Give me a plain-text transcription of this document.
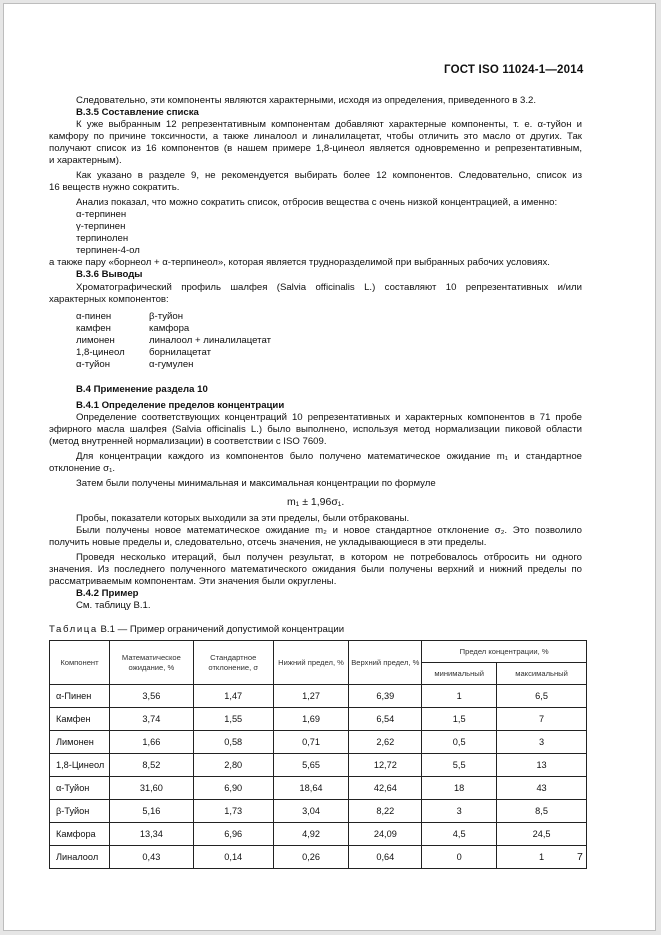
ГОСТ ISO 11024-1—2014
Следовательно, эти компоненты являются характерными, исходя из определения, приведенного в 3.2.
В.3.5 Составление списка
К уже выбранным 12 репрезентативным компонентам добавляют характерные компоненты, т. е. α-туйон и
камфору по причине токсичности, а также линалоол и линалилацетат, чтобы отличить это масло от других. Так
получают список из 16 компонентов (в нашем примере 1,8-цинеол является одновременно и репрезентативным,
и характерным).
Как указано в разделе 9, не рекомендуется выбирать более 12 компонентов. Следовательно, список из
16 веществ нужно сократить.
Анализ показал, что можно сократить список, отбросив вещества с очень низкой концентрацией, а именно:
α-терпинен
γ-терпинен
терпинолен
терпинен-4-ол
а также пару «борнеол + α-терпинеол», которая является трудноразделимой при выбранных рабочих условиях.
В.3.6 Выводы
Хроматографический профиль шалфея (Salvia officinalis L.) составляют 10 репрезентативных и/или
характерных компонентов:
α-пинен	β-туйон
камфен	камфора
лимонен	линалоол + линалилацетат
1,8-цинеол	борнилацетат
α-туйон	α-гумулен
В.4 Применение раздела 10
В.4.1 Определение пределов концентрации
Определение соответствующих концентраций 10 репрезентативных и характерных компонентов в 71 пробе
эфирного масла шалфея (Salvia officinalis L.) было выполнено, используя метод нормализации пиковой области
(метод внутренней нормализации) в соответствии с ISO 7609.
Для концентрации каждого из компонентов было получено математическое ожидание m₁ и стандартное
отклонение σ₁.
Затем были получены минимальная и максимальная концентрации по формуле
m₁ ± 1,96σ₁.
Пробы, показатели которых выходили за эти пределы, были отбракованы.
Были получены новое математическое ожидание m₂ и новое стандартное отклонение σ₂. Это позволило
получить новые пределы и, следовательно, отсечь значения, не укладывающиеся в эти пределы.
Проведя несколько итераций, был получен результат, в котором не потребовалось отбросить ни одного
значения. Из последнего полученного математического ожидания были получены верхний и нижний пределы по
рассматриваемым компонентам. Эти значения были округлены.
В.4.2 Пример
См. таблицу В.1.
Таблица В.1 — Пример ограничений допустимой концентрации
Компонент	Математическое ожидание, %	Стандартное отклонение, σ	Нижний предел, %	Верхний предел, %	Предел концентрации, %	
					минимальный	максимальный
α-Пинен	3,56	1,47	1,27	6,39	1	6,5
Камфен	3,74	1,55	1,69	6,54	1,5	7
Лимонен	1,66	0,58	0,71	2,62	0,5	3
1,8-Цинеол	8,52	2,80	5,65	12,72	5,5	13
α-Туйон	31,60	6,90	18,64	42,64	18	43
β-Туйон	5,16	1,73	3,04	8,22	3	8,5
Камфора	13,34	6,96	4,92	24,09	4,5	24,5
Линалоол	0,43	0,14	0,26	0,64	0	1	7
